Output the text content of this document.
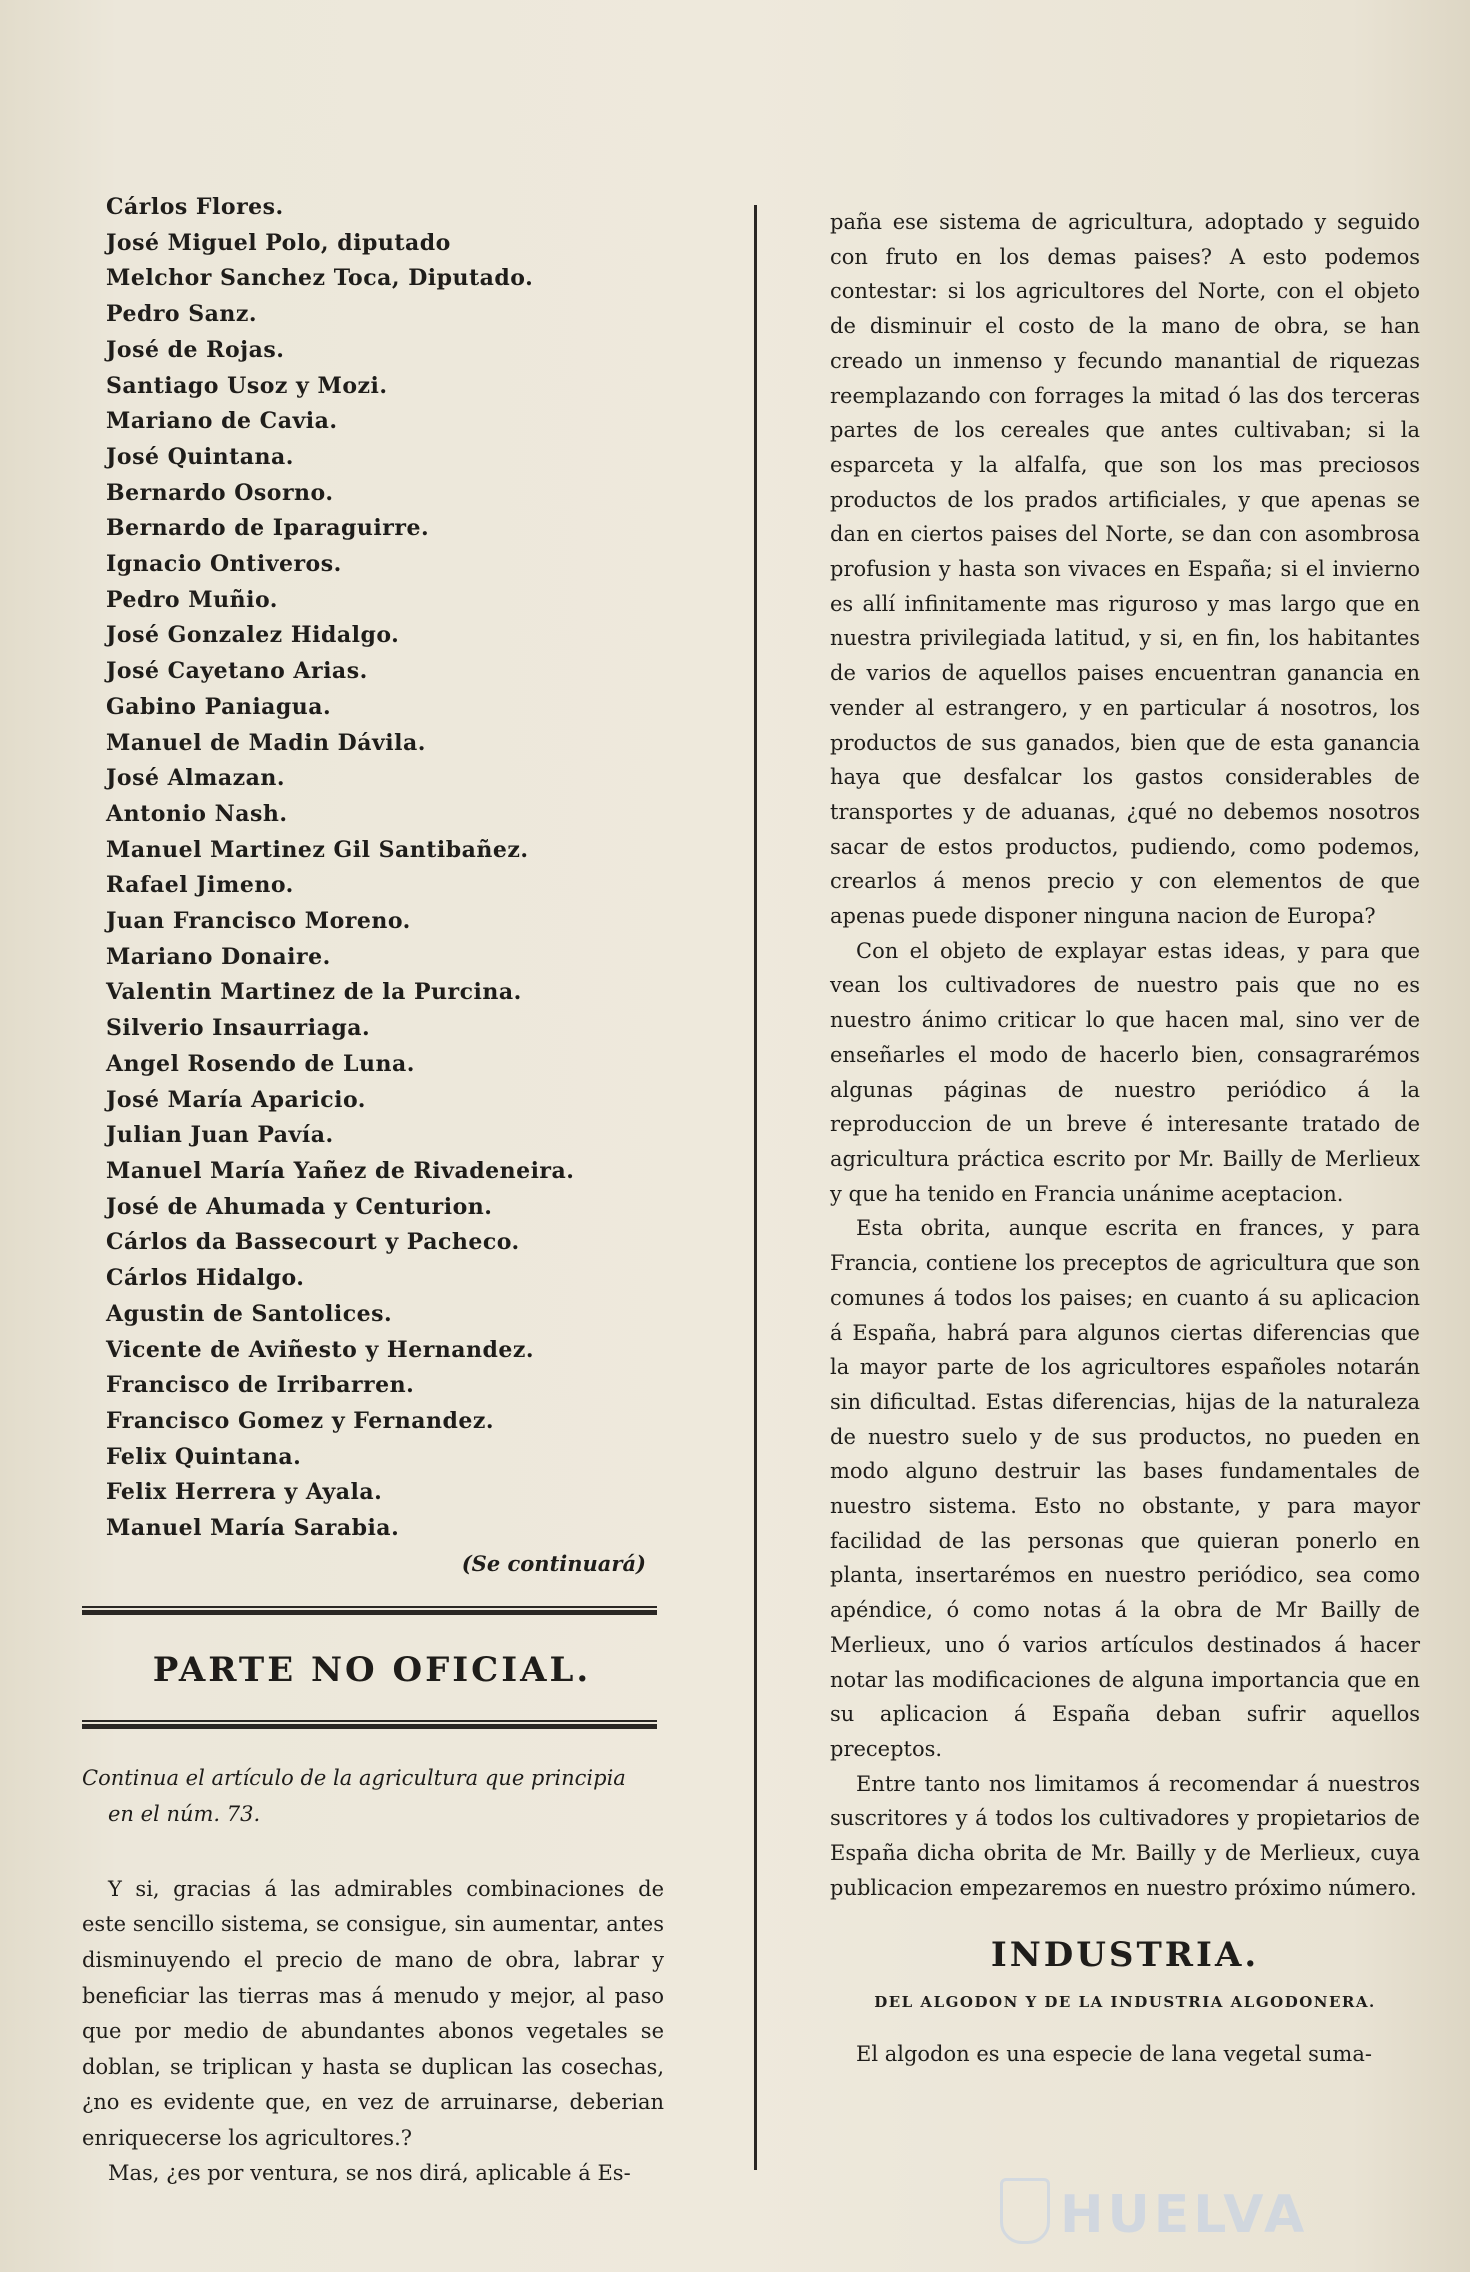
Cárlos Flores.
José Miguel Polo, diputado
Melchor Sanchez Toca, Diputado.
Pedro Sanz.
José de Rojas.
Santiago Usoz y Mozi.
Mariano de Cavia.
José Quintana.
Bernardo Osorno.
Bernardo de Iparaguirre.
Ignacio Ontiveros.
Pedro Muñio.
José Gonzalez Hidalgo.
José Cayetano Arias.
Gabino Paniagua.
Manuel de Madin Dávila.
José Almazan.
Antonio Nash.
Manuel Martinez Gil Santibañez.
Rafael Jimeno.
Juan Francisco Moreno.
Mariano Donaire.
Valentin Martinez de la Purcina.
Silverio Insaurriaga.
Angel Rosendo de Luna.
José María Aparicio.
Julian Juan Pavía.
Manuel María Yañez de Rivadeneira.
José de Ahumada y Centurion.
Cárlos da Bassecourt y Pacheco.
Cárlos Hidalgo.
Agustin de Santolices.
Vicente de Aviñesto y Hernandez.
Francisco de Irribarren.
Francisco Gomez y Fernandez.
Felix Quintana.
Felix Herrera y Ayala.
Manuel María Sarabia.
(Se continuará)
PARTE NO OFICIAL.
Continua el artículo de la agricultura que principia
en el núm. 73.

Y si, gracias á las admirables combinaciones de este sencillo sistema, se consigue, sin aumentar, antes disminuyendo el precio de mano de obra, labrar y beneficiar las tierras mas á menudo y mejor, al paso que por medio de abundantes abonos vegetales se doblan, se triplican y hasta se duplican las cosechas, ¿no es evidente que, en vez de arruinarse, deberian enriquecerse los agricultores.?

Mas, ¿es por ventura, se nos dirá, aplicable á Es-

paña ese sistema de agricultura, adoptado y seguido con fruto en los demas paises? A esto podemos contestar: si los agricultores del Norte, con el objeto de disminuir el costo de la mano de obra, se han creado un inmenso y fecundo manantial de riquezas reemplazando con forrages la mitad ó las dos terceras partes de los cereales que antes cultivaban; si la esparceta y la alfalfa, que son los mas preciosos productos de los prados artificiales, y que apenas se dan en ciertos paises del Norte, se dan con asombrosa profusion y hasta son vivaces en España; si el invierno es allí infinitamente mas riguroso y mas largo que en nuestra privilegiada latitud, y si, en fin, los habitantes de varios de aquellos paises encuentran ganancia en vender al estrangero, y en particular á nosotros, los productos de sus ganados, bien que de esta ganancia haya que desfalcar los gastos considerables de transportes y de aduanas, ¿qué no debemos nosotros sacar de estos productos, pudiendo, como podemos, crearlos á menos precio y con elementos de que apenas puede disponer ninguna nacion de Europa?

Con el objeto de explayar estas ideas, y para que vean los cultivadores de nuestro pais que no es nuestro ánimo criticar lo que hacen mal, sino ver de enseñarles el modo de hacerlo bien, consagrarémos algunas páginas de nuestro periódico á la reproduccion de un breve é interesante tratado de agricultura práctica escrito por Mr. Bailly de Merlieux y que ha tenido en Francia unánime aceptacion.

Esta obrita, aunque escrita en frances, y para Francia, contiene los preceptos de agricultura que son comunes á todos los paises; en cuanto á su aplicacion á España, habrá para algunos ciertas diferencias que la mayor parte de los agricultores españoles notarán sin dificultad. Estas diferencias, hijas de la naturaleza de nuestro suelo y de sus productos, no pueden en modo alguno destruir las bases fundamentales de nuestro sistema. Esto no obstante, y para mayor facilidad de las personas que quieran ponerlo en planta, insertarémos en nuestro periódico, sea como apéndice, ó como notas á la obra de Mr Bailly de Merlieux, uno ó varios artículos destinados á hacer notar las modificaciones de alguna importancia que en su aplicacion á España deban sufrir aquellos preceptos.

Entre tanto nos limitamos á recomendar á nuestros suscritores y á todos los cultivadores y propietarios de España dicha obrita de Mr. Bailly y de Merlieux, cuya publicacion empezaremos en nuestro próximo número.

INDUSTRIA.
DEL ALGODON Y DE LA INDUSTRIA ALGODONERA.

El algodon es una especie de lana vegetal suma-

HUELVA
